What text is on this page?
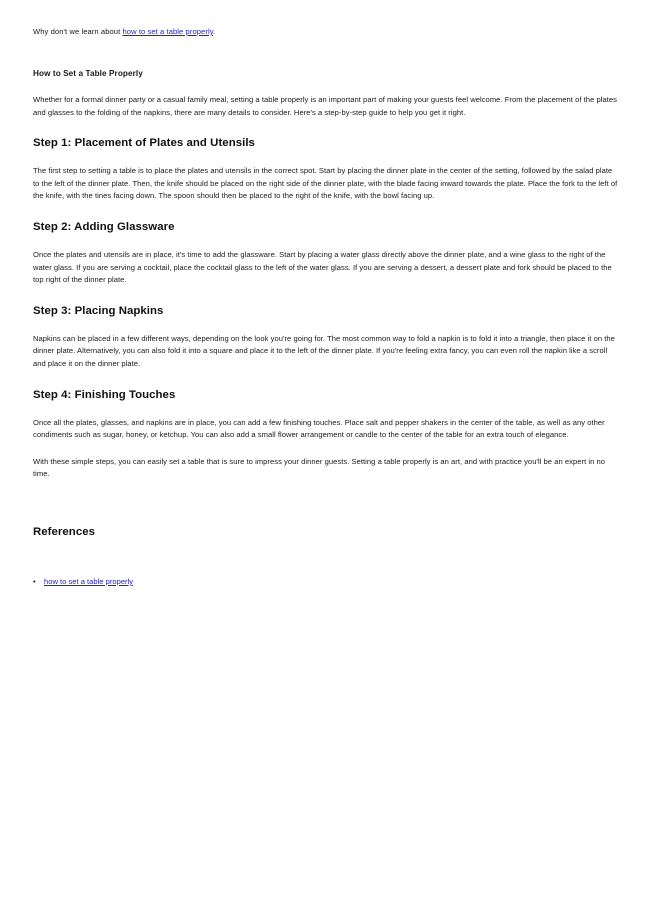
Why don't we learn about how to set a table properly.

How to Set a Table Properly

Whether for a formal dinner party or a casual family meal, setting a table properly is an important part of making your guests feel welcome. From the placement of the plates and glasses to the folding of the napkins, there are many details to consider. Here's a step-by-step guide to help you get it right.

Step 1: Placement of Plates and Utensils

The first step to setting a table is to place the plates and utensils in the correct spot. Start by placing the dinner plate in the center of the setting, followed by the salad plate to the left of the dinner plate. Then, the knife should be placed on the right side of the dinner plate, with the blade facing inward towards the plate. Place the fork to the left of the knife, with the tines facing down. The spoon should then be placed to the right of the knife, with the bowl facing up.

Step 2: Adding Glassware

Once the plates and utensils are in place, it's time to add the glassware. Start by placing a water glass directly above the dinner plate, and a wine glass to the right of the water glass. If you are serving a cocktail, place the cocktail glass to the left of the water glass. If you are serving a dessert, a dessert plate and fork should be placed to the top right of the dinner plate.

Step 3: Placing Napkins

Napkins can be placed in a few different ways, depending on the look you're going for. The most common way to fold a napkin is to fold it into a triangle, then place it on the dinner plate. Alternatively, you can also fold it into a square and place it to the left of the dinner plate. If you're feeling extra fancy, you can even roll the napkin like a scroll and place it on the dinner plate.

Step 4: Finishing Touches

Once all the plates, glasses, and napkins are in place, you can add a few finishing touches. Place salt and pepper shakers in the center of the table, as well as any other condiments such as sugar, honey, or ketchup. You can also add a small flower arrangement or candle to the center of the table for an extra touch of elegance.

With these simple steps, you can easily set a table that is sure to impress your dinner guests. Setting a table properly is an art, and with practice you'll be an expert in no time.

References
• how to set a table properly
